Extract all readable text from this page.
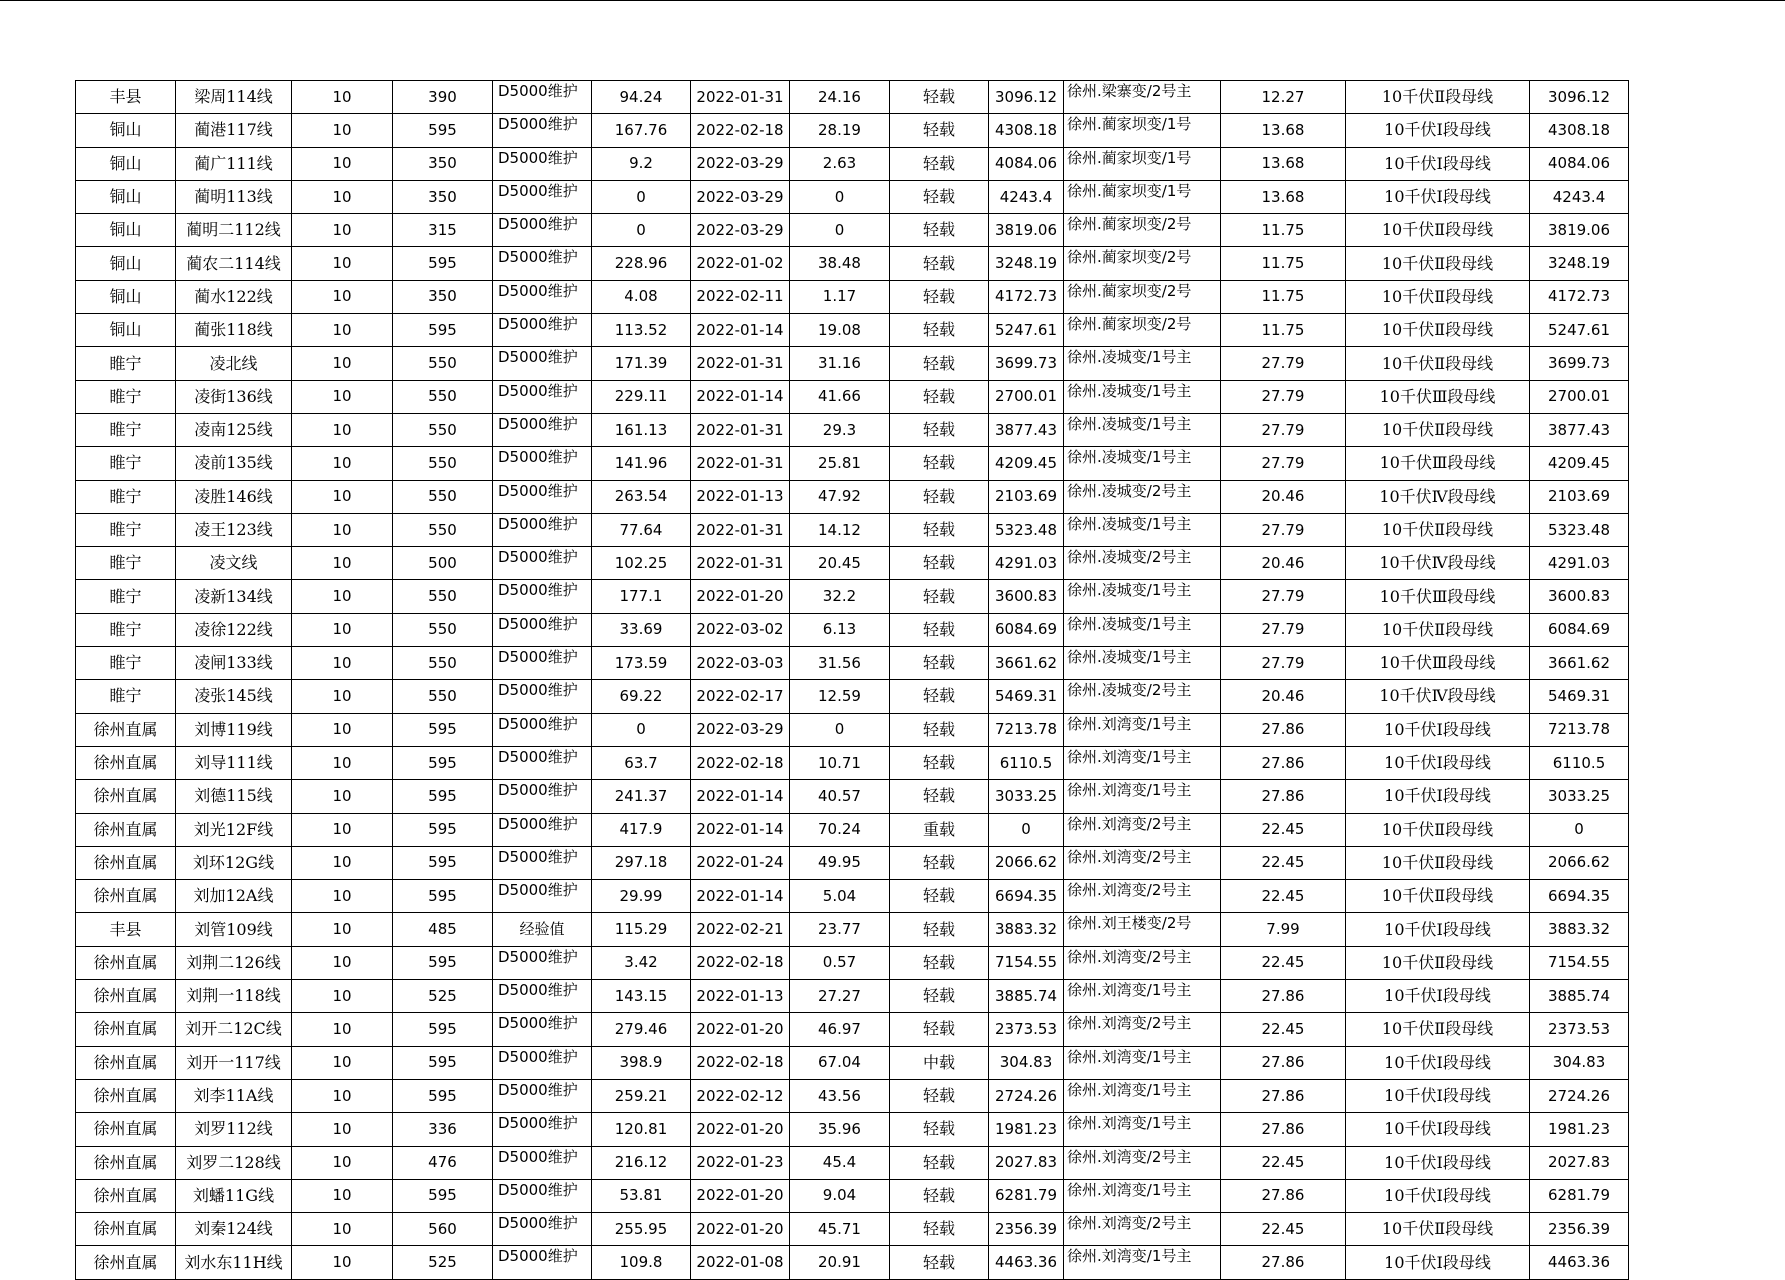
丰县	梁周114线	10	390	D5000维护	94.24	2022-01-31	24.16	轻载	3096.12	徐州.梁寨变/2号主	12.27	10千伏Ⅱ段母线	3096.12
铜山	蔺港117线	10	595	D5000维护	167.76	2022-02-18	28.19	轻载	4308.18	徐州.蔺家坝变/1号	13.68	10千伏Ⅰ段母线	4308.18
铜山	蔺广111线	10	350	D5000维护	9.2	2022-03-29	2.63	轻载	4084.06	徐州.蔺家坝变/1号	13.68	10千伏Ⅰ段母线	4084.06
铜山	蔺明113线	10	350	D5000维护	0	2022-03-29	0	轻载	4243.4	徐州.蔺家坝变/1号	13.68	10千伏Ⅰ段母线	4243.4
铜山	蔺明二112线	10	315	D5000维护	0	2022-03-29	0	轻载	3819.06	徐州.蔺家坝变/2号	11.75	10千伏Ⅱ段母线	3819.06
铜山	蔺农二114线	10	595	D5000维护	228.96	2022-01-02	38.48	轻载	3248.19	徐州.蔺家坝变/2号	11.75	10千伏Ⅱ段母线	3248.19
铜山	蔺水122线	10	350	D5000维护	4.08	2022-02-11	1.17	轻载	4172.73	徐州.蔺家坝变/2号	11.75	10千伏Ⅱ段母线	4172.73
铜山	蔺张118线	10	595	D5000维护	113.52	2022-01-14	19.08	轻载	5247.61	徐州.蔺家坝变/2号	11.75	10千伏Ⅱ段母线	5247.61
睢宁	凌北线	10	550	D5000维护	171.39	2022-01-31	31.16	轻载	3699.73	徐州.凌城变/1号主	27.79	10千伏Ⅱ段母线	3699.73
睢宁	凌街136线	10	550	D5000维护	229.11	2022-01-14	41.66	轻载	2700.01	徐州.凌城变/1号主	27.79	10千伏Ⅲ段母线	2700.01
睢宁	凌南125线	10	550	D5000维护	161.13	2022-01-31	29.3	轻载	3877.43	徐州.凌城变/1号主	27.79	10千伏Ⅱ段母线	3877.43
睢宁	凌前135线	10	550	D5000维护	141.96	2022-01-31	25.81	轻载	4209.45	徐州.凌城变/1号主	27.79	10千伏Ⅲ段母线	4209.45
睢宁	凌胜146线	10	550	D5000维护	263.54	2022-01-13	47.92	轻载	2103.69	徐州.凌城变/2号主	20.46	10千伏Ⅳ段母线	2103.69
睢宁	凌王123线	10	550	D5000维护	77.64	2022-01-31	14.12	轻载	5323.48	徐州.凌城变/1号主	27.79	10千伏Ⅱ段母线	5323.48
睢宁	凌文线	10	500	D5000维护	102.25	2022-01-31	20.45	轻载	4291.03	徐州.凌城变/2号主	20.46	10千伏Ⅳ段母线	4291.03
睢宁	凌新134线	10	550	D5000维护	177.1	2022-01-20	32.2	轻载	3600.83	徐州.凌城变/1号主	27.79	10千伏Ⅲ段母线	3600.83
睢宁	凌徐122线	10	550	D5000维护	33.69	2022-03-02	6.13	轻载	6084.69	徐州.凌城变/1号主	27.79	10千伏Ⅱ段母线	6084.69
睢宁	凌闸133线	10	550	D5000维护	173.59	2022-03-03	31.56	轻载	3661.62	徐州.凌城变/1号主	27.79	10千伏Ⅲ段母线	3661.62
睢宁	凌张145线	10	550	D5000维护	69.22	2022-02-17	12.59	轻载	5469.31	徐州.凌城变/2号主	20.46	10千伏Ⅳ段母线	5469.31
徐州直属	刘博119线	10	595	D5000维护	0	2022-03-29	0	轻载	7213.78	徐州.刘湾变/1号主	27.86	10千伏Ⅰ段母线	7213.78
徐州直属	刘导111线	10	595	D5000维护	63.7	2022-02-18	10.71	轻载	6110.5	徐州.刘湾变/1号主	27.86	10千伏Ⅰ段母线	6110.5
徐州直属	刘德115线	10	595	D5000维护	241.37	2022-01-14	40.57	轻载	3033.25	徐州.刘湾变/1号主	27.86	10千伏Ⅰ段母线	3033.25
徐州直属	刘光12F线	10	595	D5000维护	417.9	2022-01-14	70.24	重载	0	徐州.刘湾变/2号主	22.45	10千伏Ⅱ段母线	0
徐州直属	刘环12G线	10	595	D5000维护	297.18	2022-01-24	49.95	轻载	2066.62	徐州.刘湾变/2号主	22.45	10千伏Ⅱ段母线	2066.62
徐州直属	刘加12A线	10	595	D5000维护	29.99	2022-01-14	5.04	轻载	6694.35	徐州.刘湾变/2号主	22.45	10千伏Ⅱ段母线	6694.35
丰县	刘管109线	10	485	经验值	115.29	2022-02-21	23.77	轻载	3883.32	徐州.刘王楼变/2号	7.99	10千伏Ⅰ段母线	3883.32
徐州直属	刘荆二126线	10	595	D5000维护	3.42	2022-02-18	0.57	轻载	7154.55	徐州.刘湾变/2号主	22.45	10千伏Ⅱ段母线	7154.55
徐州直属	刘荆一118线	10	525	D5000维护	143.15	2022-01-13	27.27	轻载	3885.74	徐州.刘湾变/1号主	27.86	10千伏Ⅰ段母线	3885.74
徐州直属	刘开二12C线	10	595	D5000维护	279.46	2022-01-20	46.97	轻载	2373.53	徐州.刘湾变/2号主	22.45	10千伏Ⅱ段母线	2373.53
徐州直属	刘开一117线	10	595	D5000维护	398.9	2022-02-18	67.04	中载	304.83	徐州.刘湾变/1号主	27.86	10千伏Ⅰ段母线	304.83
徐州直属	刘李11A线	10	595	D5000维护	259.21	2022-02-12	43.56	轻载	2724.26	徐州.刘湾变/1号主	27.86	10千伏Ⅰ段母线	2724.26
徐州直属	刘罗112线	10	336	D5000维护	120.81	2022-01-20	35.96	轻载	1981.23	徐州.刘湾变/1号主	27.86	10千伏Ⅰ段母线	1981.23
徐州直属	刘罗二128线	10	476	D5000维护	216.12	2022-01-23	45.4	轻载	2027.83	徐州.刘湾变/2号主	22.45	10千伏Ⅰ段母线	2027.83
徐州直属	刘蟠11G线	10	595	D5000维护	53.81	2022-01-20	9.04	轻载	6281.79	徐州.刘湾变/1号主	27.86	10千伏Ⅰ段母线	6281.79
徐州直属	刘秦124线	10	560	D5000维护	255.95	2022-01-20	45.71	轻载	2356.39	徐州.刘湾变/2号主	22.45	10千伏Ⅱ段母线	2356.39
徐州直属	刘水东11H线	10	525	D5000维护	109.8	2022-01-08	20.91	轻载	4463.36	徐州.刘湾变/1号主	27.86	10千伏Ⅰ段母线	4463.36
